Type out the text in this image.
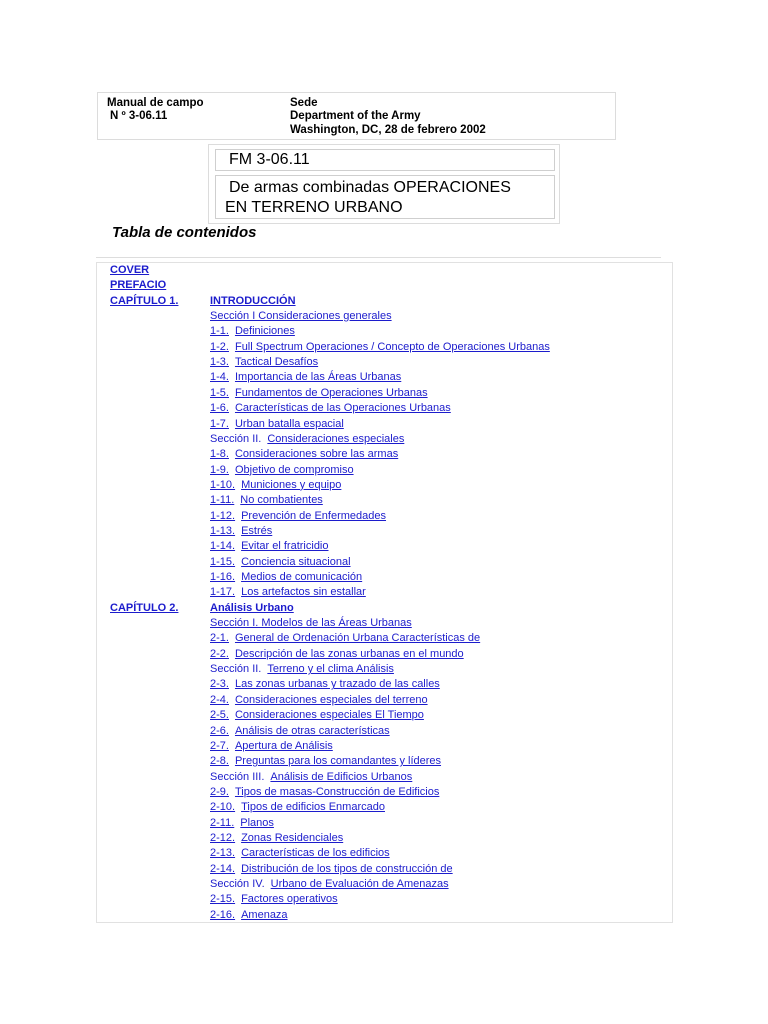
Manual de campo
N º 3-06.11
Sede
Department of the Army
Washington, DC, 28 de febrero 2002
FM 3-06.11
De armas combinadas OPERACIONES
EN TERRENO URBANO
Tabla de contenidos
COVER
PREFACIO
CAPÍTULO 1.	INTRODUCCIÓN
Sección I Consideraciones generales
1-1. Definiciones
1-2. Full Spectrum Operaciones / Concepto de Operaciones Urbanas
1-3. Tactical Desafíos
1-4. Importancia de las Áreas Urbanas
1-5. Fundamentos de Operaciones Urbanas
1-6. Características de las Operaciones Urbanas
1-7. Urban batalla espacial
Sección II. Consideraciones especiales
1-8. Consideraciones sobre las armas
1-9. Objetivo de compromiso
1-10. Municiones y equipo
1-11. No combatientes
1-12. Prevención de Enfermedades
1-13. Estrés
1-14. Evitar el fratricidio
1-15. Conciencia situacional
1-16. Medios de comunicación
1-17. Los artefactos sin estallar
CAPÍTULO 2.	Análisis Urbano
Sección I. Modelos de las Áreas Urbanas
2-1. General de Ordenación Urbana Características de
2-2. Descripción de las zonas urbanas en el mundo
Sección II. Terreno y el clima Análisis
2-3. Las zonas urbanas y trazado de las calles
2-4. Consideraciones especiales del terreno
2-5. Consideraciones especiales El Tiempo
2-6. Análisis de otras características
2-7. Apertura de Análisis
2-8. Preguntas para los comandantes y líderes
Sección III. Análisis de Edificios Urbanos
2-9. Tipos de masas-Construcción de Edificios
2-10. Tipos de edificios Enmarcado
2-11. Planos
2-12. Zonas Residenciales
2-13. Características de los edificios
2-14. Distribución de los tipos de construcción de
Sección IV. Urbano de Evaluación de Amenazas
2-15. Factores operativos
2-16. Amenaza
